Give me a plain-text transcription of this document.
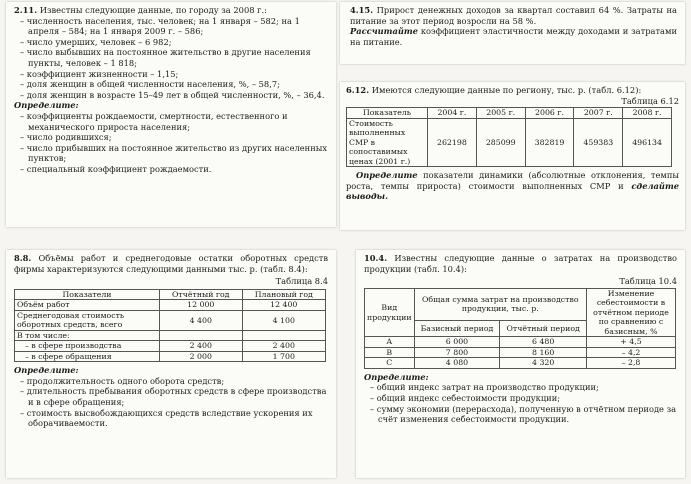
2.11. Известны следующие данные, по городу за 2008 г.:

– численность населения, тыс. человек; на 1 января – 582; на 1 апреля – 584; на 1 января 2009 г. – 586;

– число умерших, человек – 6 982;

– число выбывших на постоянное жительство в другие населения пункты, человек – 1 818;

– коэффициент жизненности – 1,15;

– доля женщин в общей численности населения, %, – 58,7;

– доля женщин в возрасте 15–49 лет в общей численности, %, – 36,4.

Определите:

– коэффициенты рождаемости, смертности, естественного и механического прироста населения;

– число родившихся;

– число прибывших на постоянное жительство из других населенных пунктов;

– специальный коэффициент рождаемости.

4.15. Прирост денежных доходов за квартал составил 64 %. Затраты на питание за этот период возросли на 58 %.

Рассчитайте коэффициент эластичности между доходами и затратами на питание.

6.12. Имеются следующие данные по региону, тыс. р. (табл. 6.12):

Таблица 6.12

Показатель	2004 г.	2005 г.	2006 г.	2007 г.	2008 г.
Стоимость выполненных СМР в сопоставимых ценах (2001 г.)	262198	285099	382819	459383	496134

Определите показатели динамики (абсолютные отклонения, темпы роста, темпы прироста) стоимости выполненных СМР и сделайте выводы.

8.8. Объёмы работ и среднегодовые остатки оборотных средств фирмы характеризуются следующими данными тыс. р. (табл. 8.4):

Таблица 8.4

Показатели	Отчётный год	Плановый год
Объём работ	12 000	12 400
Среднегодовая стоимость оборотных средств, всего	4 400	4 100
В том числе:		
– в сфере производства	2 400	2 400
– в сфере обращения	2 000	1 700

Определите:

– продолжительность одного оборота средств;

– длительность пребывания оборотных средств в сфере производства и в сфере обращения;

– стоимость высвобождающихся средств вследствие ускорения их оборачиваемости.

10.4. Известны следующие данные о затратах на производство продукции (табл. 10.4):

Таблица 10.4

Вид продукции	Общая сумма затрат на производство продукции, тыс. р.		Изменение себестоимости в отчётном периоде по сравнению с базисным, %
	Базисный период	Отчётный период	
A	6 000	6 480	+ 4,5
B	7 800	8 160	– 4,2
C	4 080	4 320	– 2,8

Определите:

– общий индекс затрат на производство продукции;

– общий индекс себестоимости продукции;

– сумму экономии (перерасхода), полученную в отчётном периоде за счёт изменения себестоимости продукции.
